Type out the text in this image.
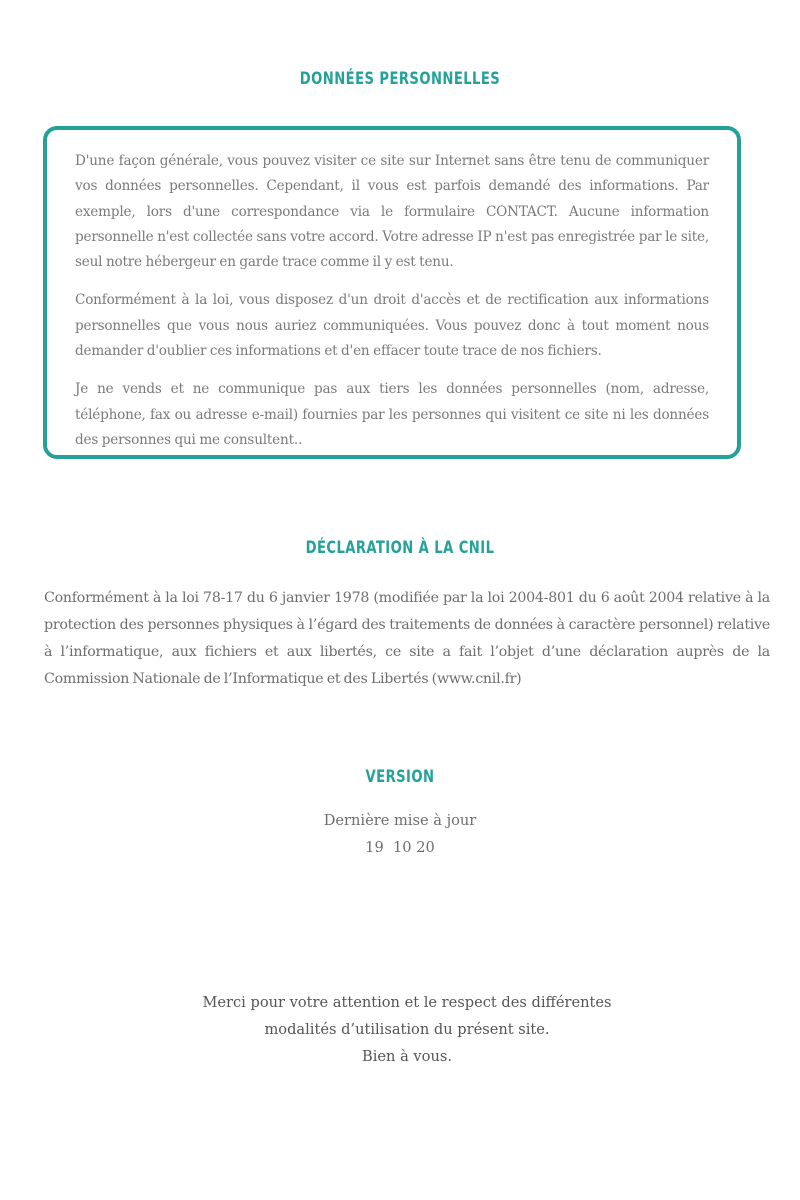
DONNÉES PERSONNELLES

D'une façon générale, vous pouvez visiter ce site sur Internet sans être tenu de communiquer vos données personnelles. Cependant, il vous est parfois demandé des informations. Par exemple, lors d'une correspondance via le formulaire CONTACT. Aucune information personnelle n'est collectée sans votre accord. Votre adresse IP n'est pas enregistrée par le site, seul notre hébergeur en garde trace comme il y est tenu.

Conformément à la loi, vous disposez d'un droit d'accès et de rectification aux informations personnelles que vous nous auriez communiquées. Vous pouvez donc à tout moment nous demander d'oublier ces informations et d'en effacer toute trace de nos fichiers.

Je ne vends et ne communique pas aux tiers les données personnelles (nom, adresse, téléphone, fax ou adresse e-mail) fournies par les personnes qui visitent ce site ni les données des personnes qui me consultent..

DÉCLARATION À LA CNIL

Conformément à la loi 78-17 du 6 janvier 1978 (modifiée par la loi 2004-801 du 6 août 2004 relative à la protection des personnes physiques à l’égard des traitements de données à caractère personnel) relative à l’informatique, aux fichiers et aux libertés, ce site a fait l’objet d’une déclaration auprès de la Commission Nationale de l’Informatique et des Libertés (www.cnil.fr)

VERSION
Dernière mise à jour
19  10 20
Merci pour votre attention et le respect des différentes
modalités d’utilisation du présent site.
Bien à vous.
